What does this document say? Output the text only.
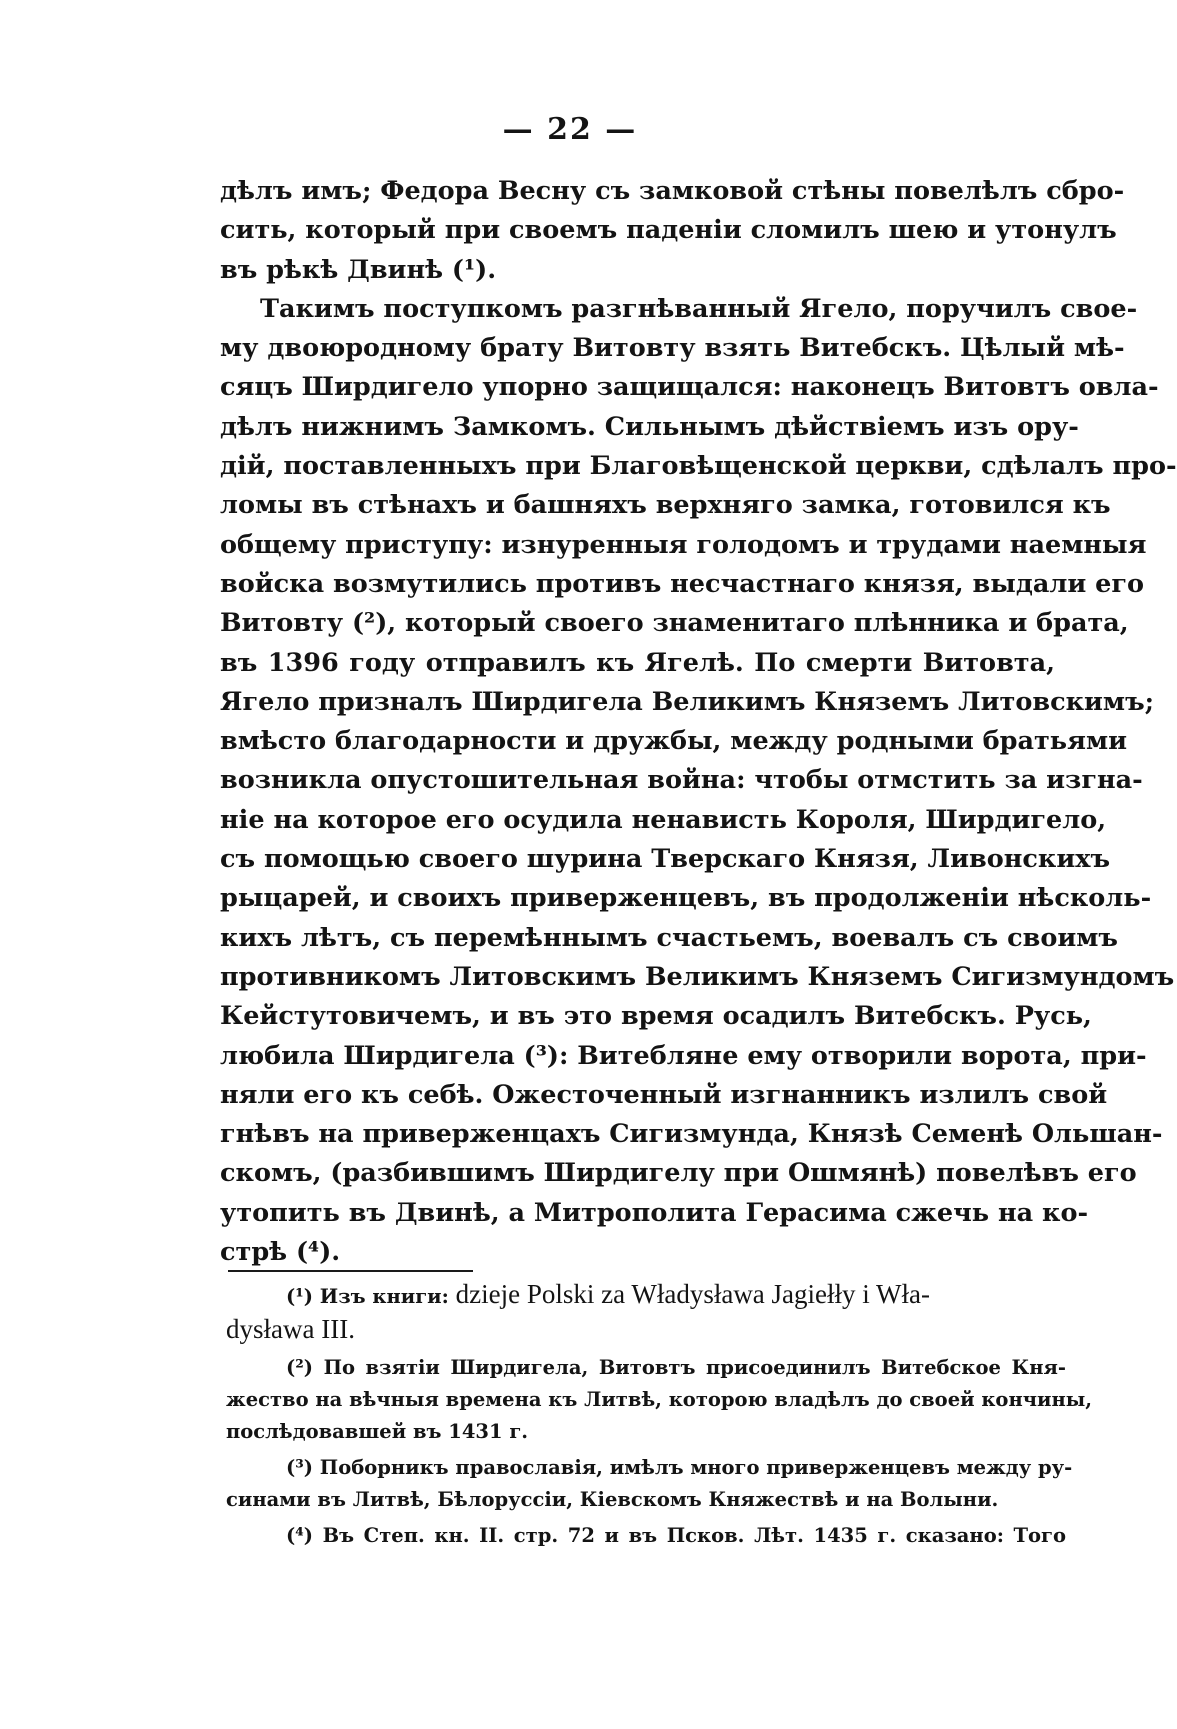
— 22 —

дѣлъ имъ; Федора Весну съ замковой стѣны повелѣлъ сбро-
сить, который при своемъ паденіи сломилъ шею и утонулъ
въ рѣкѣ Двинѣ (¹).

Такимъ поступкомъ разгнѣванный Ягело, поручилъ свое-
му двоюродному брату Витовту взять Витебскъ. Цѣлый мѣ-
сяцъ Ширдигело упорно защищался: наконецъ Витовтъ овла-
дѣлъ нижнимъ Замкомъ. Сильнымъ дѣйствіемъ изъ ору-
дій, поставленныхъ при Благовѣщенской церкви, сдѣлалъ про-
ломы въ стѣнахъ и башняхъ верхняго замка, готовился къ
общему приступу: изнуренныя голодомъ и трудами наемныя
войска возмутились противъ несчастнаго князя, выдали его
Витовту (²), который своего знаменитаго плѣнника и брата,
въ 1396 году отправилъ къ Ягелѣ. По смерти Витовта,
Ягело призналъ Ширдигела Великимъ Княземъ Литовскимъ;
вмѣсто благодарности и дружбы, между родными братьями
возникла опустошительная война: чтобы отмстить за изгна-
ніе на которое его осудила ненависть Короля, Ширдигело,
съ помощью своего шурина Тверскаго Князя, Ливонскихъ
рыцарей, и своихъ приверженцевъ, въ продолженіи нѣсколь-
кихъ лѣтъ, съ перемѣннымъ счастьемъ, воевалъ съ своимъ
противникомъ Литовскимъ Великимъ Княземъ Сигизмундомъ
Кейстутовичемъ, и въ это время осадилъ Витебскъ. Русь,
любила Ширдигела (³): Витебляне ему отворили ворота, при-
няли его къ себѣ. Ожесточенный изгнанникъ излилъ свой
гнѣвъ на приверженцахъ Сигизмунда, Князѣ Семенѣ Ольшан-
скомъ, (разбившимъ Ширдигелу при Ошмянѣ) повелѣвъ его
утопить въ Двинѣ, а Митрополита Герасима сжечь на ко-
стрѣ (⁴).

(¹) Изъ книги: dzieje Polski za Władysława Jagiełły i Wła-
dysława III.
(²) По взятіи Ширдигела, Витовтъ присоединилъ Витебское Кня-
жество на вѣчныя времена къ Литвѣ, которою владѣлъ до своей кончины,
послѣдовавшей въ 1431 г.
(³) Поборникъ православія, имѣлъ много приверженцевъ между ру-
синами въ Литвѣ, Бѣлоруссіи, Кіевскомъ Княжествѣ и на Волыни.
(⁴) Въ Степ. кн. II. стр. 72 и въ Псков. Лѣт. 1435 г. сказано: Того
